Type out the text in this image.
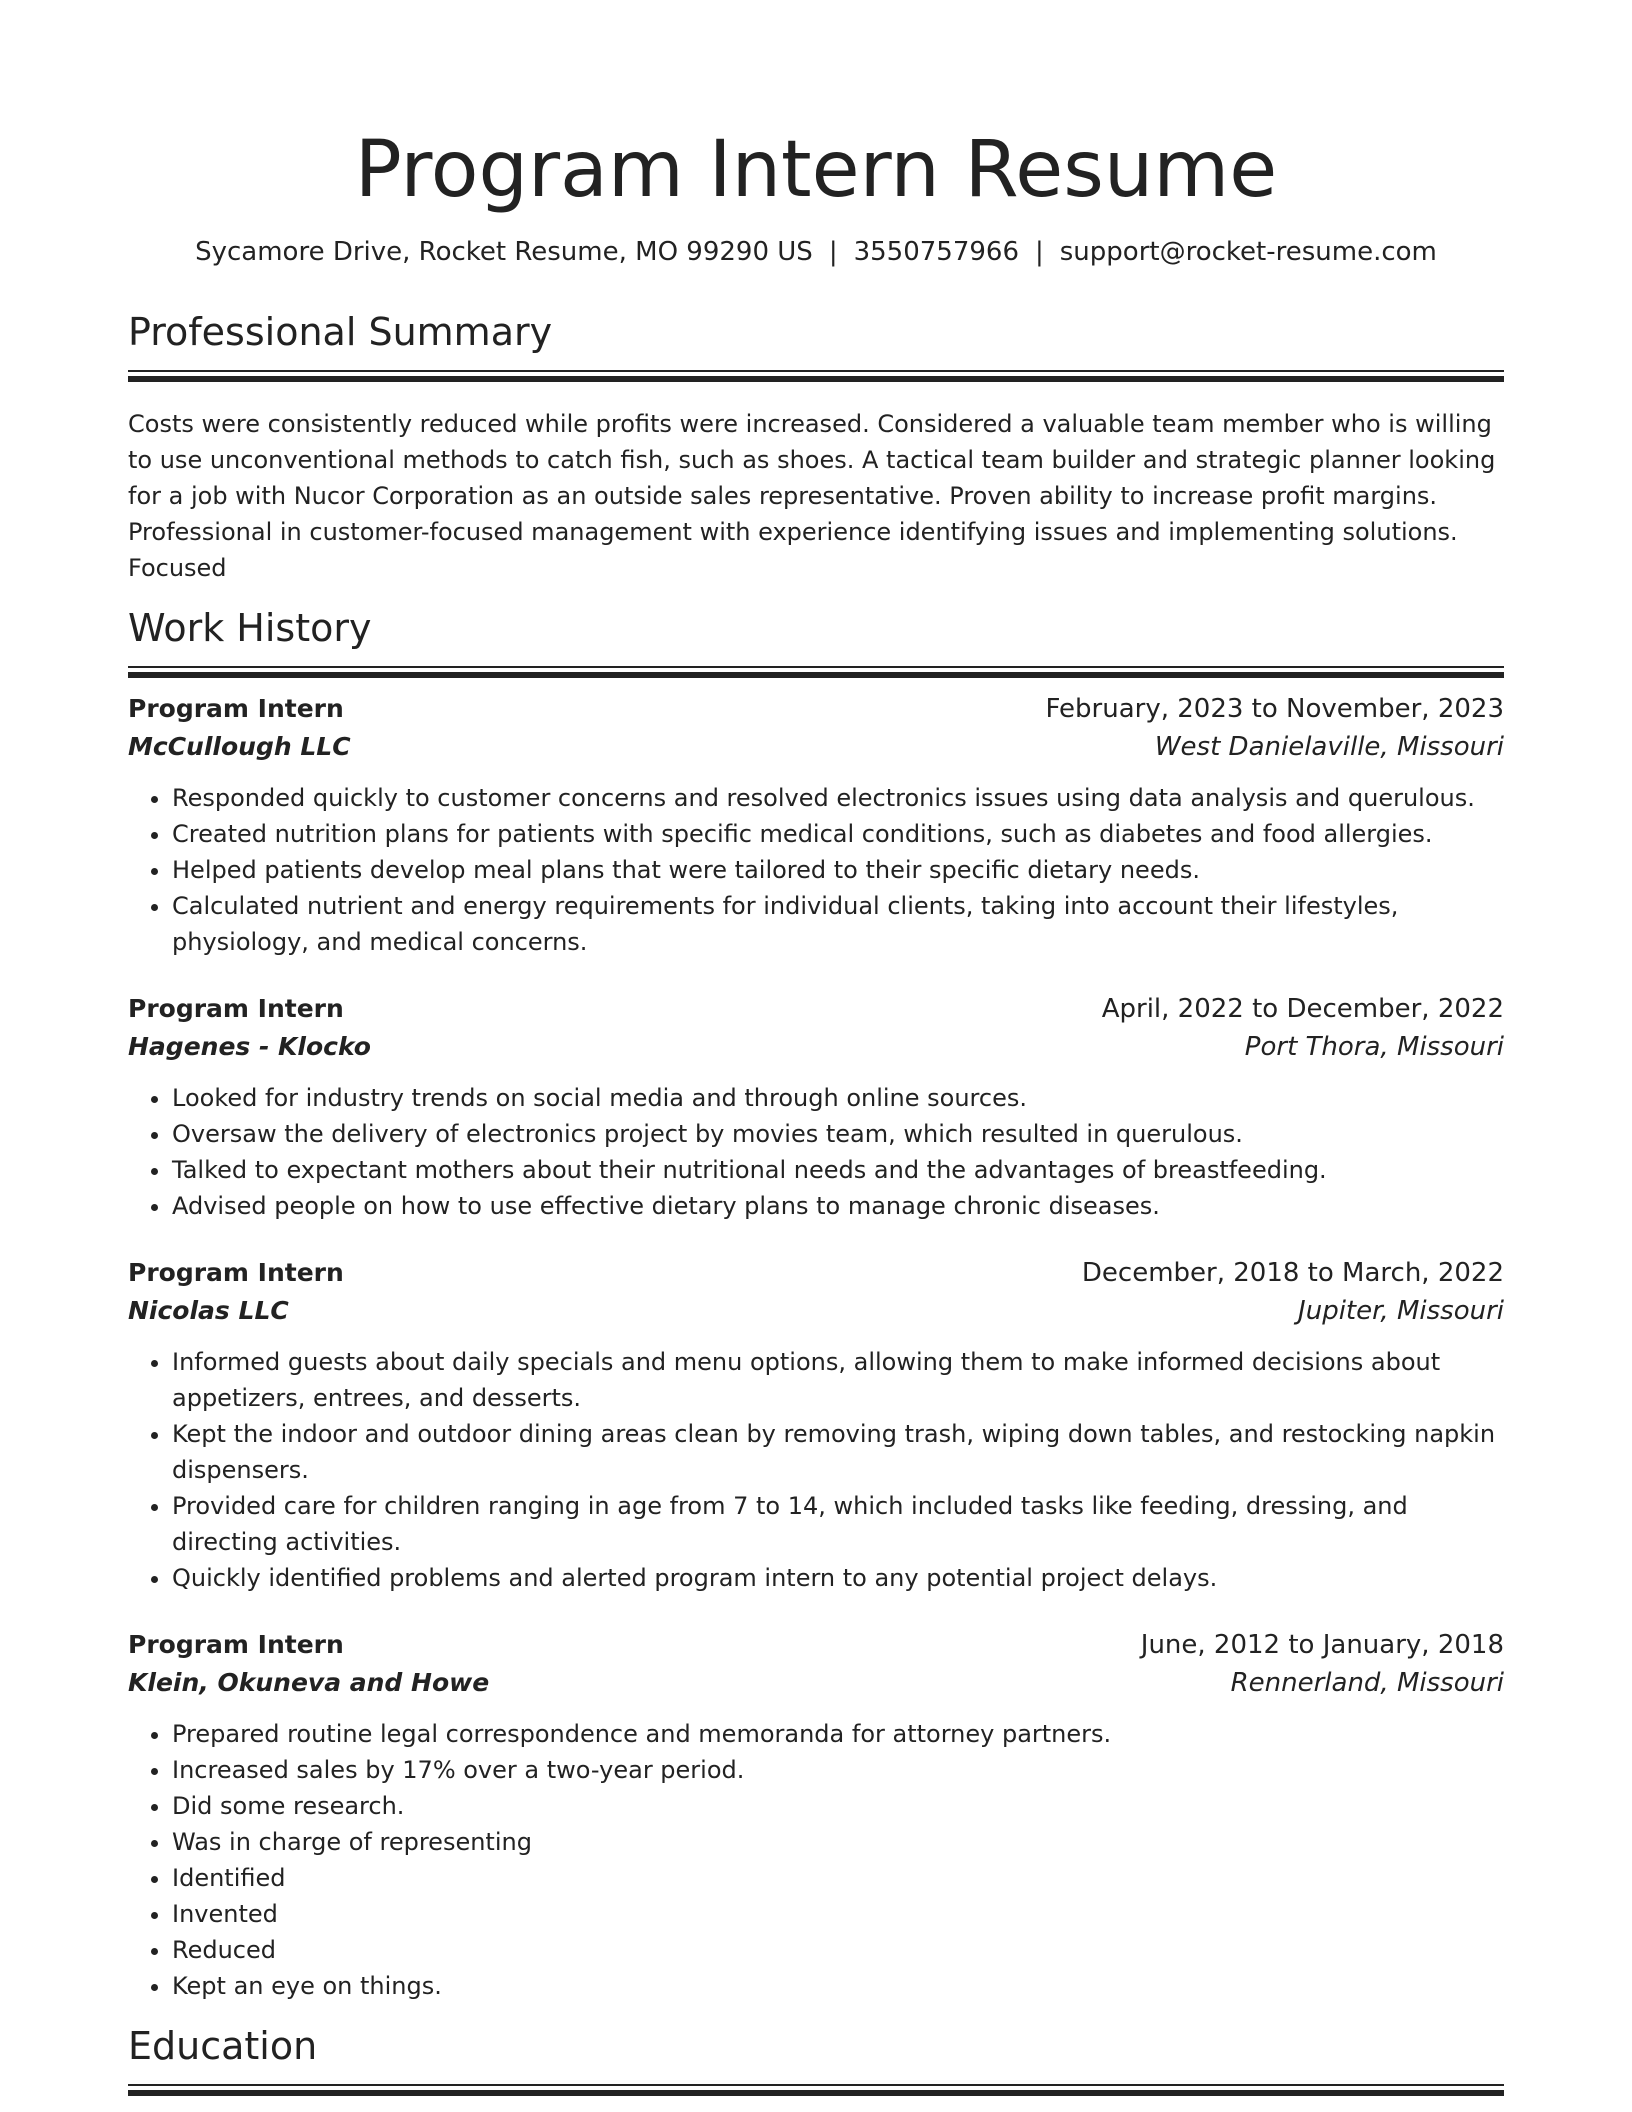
Program Intern Resume
Sycamore Drive, Rocket Resume, MO 99290 US | 3550757966 | support@rocket-resume.com
Professional Summary

Costs were consistently reduced while profits were increased. Considered a valuable team member who is willing to use unconventional methods to catch fish, such as shoes. A tactical team builder and strategic planner looking for a job with Nucor Corporation as an outside sales representative. Proven ability to increase profit margins. Professional in customer-focused management with experience identifying issues and implementing solutions. Focused

Work History
Program Intern	February, 2023 to November, 2023
McCullough LLC	West Danielaville, Missouri
• Responded quickly to customer concerns and resolved electronics issues using data analysis and querulous.
• Created nutrition plans for patients with specific medical conditions, such as diabetes and food allergies.
• Helped patients develop meal plans that were tailored to their specific dietary needs.
• Calculated nutrient and energy requirements for individual clients, taking into account their lifestyles, physiology, and medical concerns.
Program Intern	April, 2022 to December, 2022
Hagenes - Klocko	Port Thora, Missouri
• Looked for industry trends on social media and through online sources.
• Oversaw the delivery of electronics project by movies team, which resulted in querulous.
• Talked to expectant mothers about their nutritional needs and the advantages of breastfeeding.
• Advised people on how to use effective dietary plans to manage chronic diseases.
Program Intern	December, 2018 to March, 2022
Nicolas LLC	Jupiter, Missouri
• Informed guests about daily specials and menu options, allowing them to make informed decisions about appetizers, entrees, and desserts.
• Kept the indoor and outdoor dining areas clean by removing trash, wiping down tables, and restocking napkin dispensers.
• Provided care for children ranging in age from 7 to 14, which included tasks like feeding, dressing, and directing activities.
• Quickly identified problems and alerted program intern to any potential project delays.
Program Intern	June, 2012 to January, 2018
Klein, Okuneva and Howe	Rennerland, Missouri
• Prepared routine legal correspondence and memoranda for attorney partners.
• Increased sales by 17% over a two-year period.
• Did some research.
• Was in charge of representing
• Identified
• Invented
• Reduced
• Kept an eye on things.
Education
